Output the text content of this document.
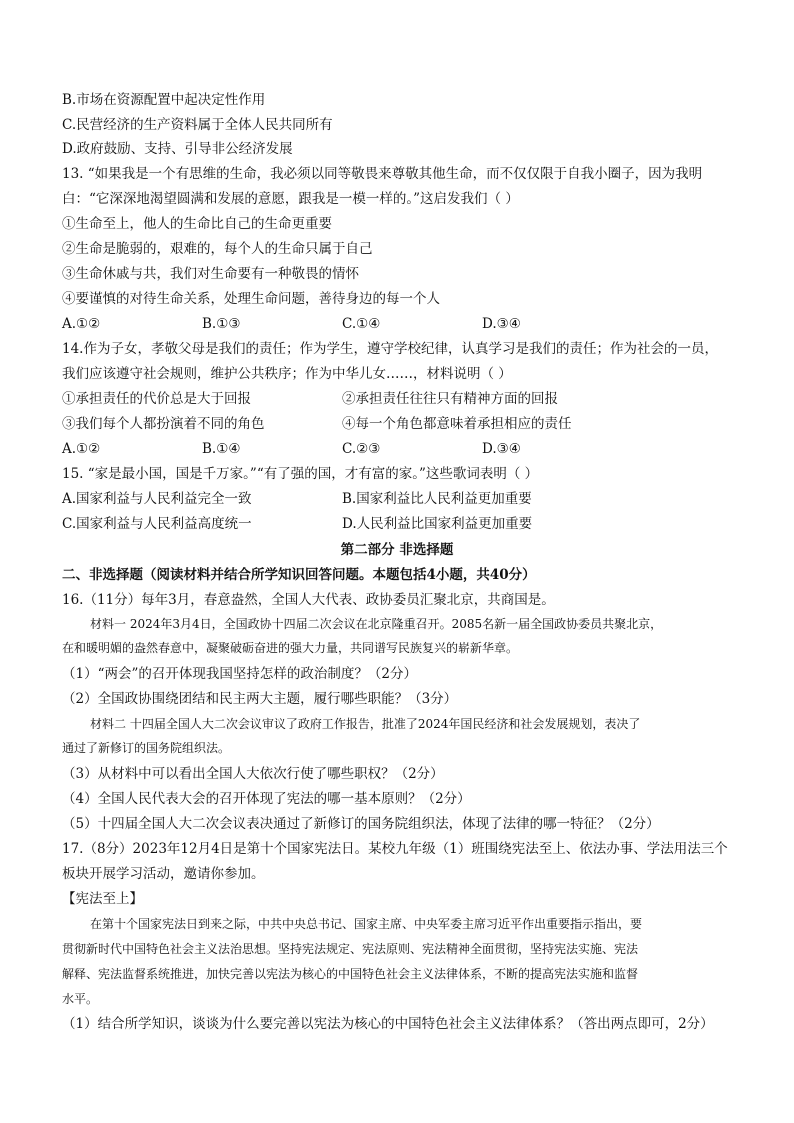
B.市场在资源配置中起决定性作用
C.民营经济的生产资料属于全体人民共同所有
D.政府鼓励、支持、引导非公经济发展
13. “如果我是一个有思维的生命，我必须以同等敬畏来尊敬其他生命，而不仅仅限于自我小圈子，因为我明
白：“它深深地渴望圆满和发展的意愿，跟我是一模一样的。”这启发我们（ ）
①生命至上，他人的生命比自己的生命更重要
②生命是脆弱的，艰难的，每个人的生命只属于自己
③生命休戚与共，我们对生命要有一种敬畏的情怀
④要谨慎的对待生命关系，处理生命问题，善待身边的每一个人
A.①②	B.①③	C.①④	D.③④
14.作为子女，孝敬父母是我们的责任；作为学生，遵守学校纪律，认真学习是我们的责任；作为社会的一员，
我们应该遵守社会规则，维护公共秩序；作为中华儿女……，材料说明（ ）
①承担责任的代价总是大于回报	②承担责任往往只有精神方面的回报
③我们每个人都扮演着不同的角色	④每一个角色都意味着承担相应的责任
A.①②	B.①④	C.②③	D.③④
15. “家是最小国，国是千万家。”“有了强的国，才有富的家。”这些歌词表明（ ）
A.国家利益与人民利益完全一致	B.国家利益比人民利益更加重要
C.国家利益与人民利益高度统一	D.人民利益比国家利益更加重要
第二部分 非选择题
二、非选择题（阅读材料并结合所学知识回答问题。本题包括4小题，共40分）
16.（11分）每年3月，春意盎然，全国人大代表、政协委员汇聚北京，共商国是。
材料一 2024年3月4日，全国政协十四届二次会议在北京隆重召开。2085名新一届全国政协委员共聚北京，
在和暖明媚的盎然春意中，凝聚破砺奋进的强大力量，共同谱写民族复兴的崭新华章。
（1）“两会”的召开体现我国坚持怎样的政治制度？（2分）
（2）全国政协围绕团结和民主两大主题，履行哪些职能？（3分）
材料二 十四届全国人大二次会议审议了政府工作报告，批准了2024年国民经济和社会发展规划，表决了
通过了新修订的国务院组织法。
（3）从材料中可以看出全国人大依次行使了哪些职权？（2分）
（4）全国人民代表大会的召开体现了宪法的哪一基本原则？（2分）
（5）十四届全国人大二次会议表决通过了新修订的国务院组织法，体现了法律的哪一特征？（2分）
17.（8分）2023年12月4日是第十个国家宪法日。某校九年级（1）班围绕宪法至上、依法办事、学法用法三个
板块开展学习活动，邀请你参加。
【宪法至上】
在第十个国家宪法日到来之际，中共中央总书记、国家主席、中央军委主席习近平作出重要指示指出，要
贯彻新时代中国特色社会主义法治思想。坚持宪法规定、宪法原则、宪法精神全面贯彻，坚持宪法实施、宪法
解释、宪法监督系统推进，加快完善以宪法为核心的中国特色社会主义法律体系，不断的提高宪法实施和监督
水平。
（1）结合所学知识，谈谈为什么要完善以宪法为核心的中国特色社会主义法律体系？（答出两点即可，2分）
